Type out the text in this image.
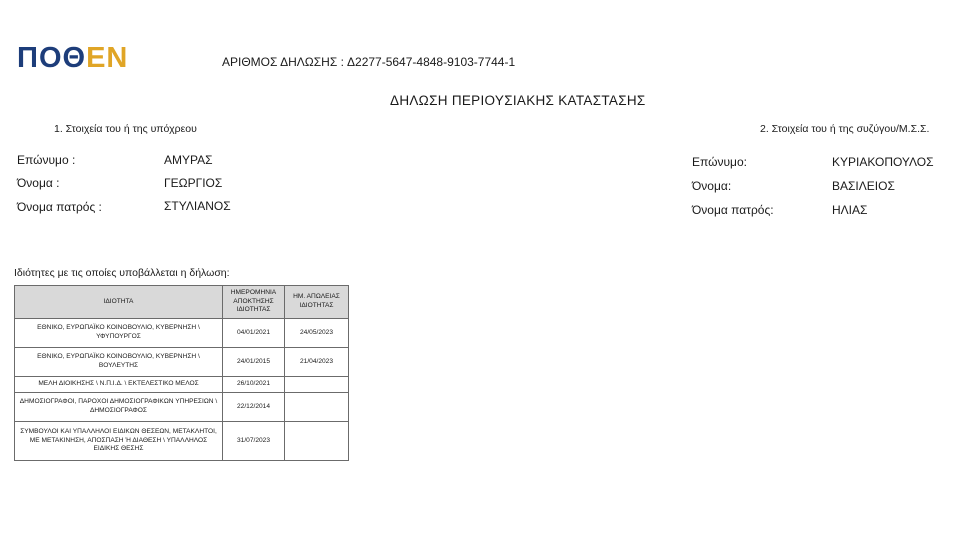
ΠΟΘΕΝ	ΑΡΙΘΜΟΣ ΔΗΛΩΣΗΣ : Δ2277-5647-4848-9103-7744-1
ΔΗΛΩΣΗ ΠΕΡΙΟΥΣΙΑΚΗΣ ΚΑΤΑΣΤΑΣΗΣ
1. Στοιχεία του ή της υπόχρεου
Επώνυμο :	ΑΜΥΡΑΣ
Όνομα :	ΓΕΩΡΓΙΟΣ
Όνομα πατρός :	ΣΤΥΛΙΑΝΟΣ
2. Στοιχεία του ή της συζύγου/Μ.Σ.Σ.
Επώνυμο:	ΚΥΡΙΑΚΟΠΟΥΛΟΣ
Όνομα:	ΒΑΣΙΛΕΙΟΣ
Όνομα πατρός:	ΗΛΙΑΣ
Ιδιότητες με τις οποίες υποβάλλεται η δήλωση:
ΙΔΙΟΤΗΤΑ	ΗΜΕΡΟΜΗΝΙΑ ΑΠΟΚΤΗΣΗΣ ΙΔΙΟΤΗΤΑΣ	ΗΜ. ΑΠΩΛΕΙΑΣ ΙΔΙΟΤΗΤΑΣ
ΕΘΝΙΚΟ, ΕΥΡΩΠΑΪΚΟ ΚΟΙΝΟΒΟΥΛΙΟ, ΚΥΒΕΡΝΗΣΗ \ ΥΦΥΠΟΥΡΓΟΣ	04/01/2021	24/05/2023
ΕΘΝΙΚΟ, ΕΥΡΩΠΑΪΚΟ ΚΟΙΝΟΒΟΥΛΙΟ, ΚΥΒΕΡΝΗΣΗ \ ΒΟΥΛΕΥΤΗΣ	24/01/2015	21/04/2023
ΜΕΛΗ ΔΙΟΙΚΗΣΗΣ \ Ν.Π.Ι.Δ. \ ΕΚΤΕΛΕΣΤΙΚΟ ΜΕΛΟΣ	26/10/2021	
ΔΗΜΟΣΙΟΓΡΑΦΟΙ, ΠΑΡΟΧΟΙ ΔΗΜΟΣΙΟΓΡΑΦΙΚΩΝ ΥΠΗΡΕΣΙΩΝ \ ΔΗΜΟΣΙΟΓΡΑΦΟΣ	22/12/2014	
ΣΥΜΒΟΥΛΟΙ ΚΑΙ ΥΠΑΛΛΗΛΟΙ ΕΙΔΙΚΩΝ ΘΕΣΕΩΝ, ΜΕΤΑΚΛΗΤΟΙ, ΜΕ ΜΕΤΑΚΙΝΗΣΗ, ΑΠΟΣΠΑΣΗ Ή ΔΙΑΘΕΣΗ \ ΥΠΑΛΛΗΛΟΣ ΕΙΔΙΚΗΣ ΘΕΣΗΣ	31/07/2023	
